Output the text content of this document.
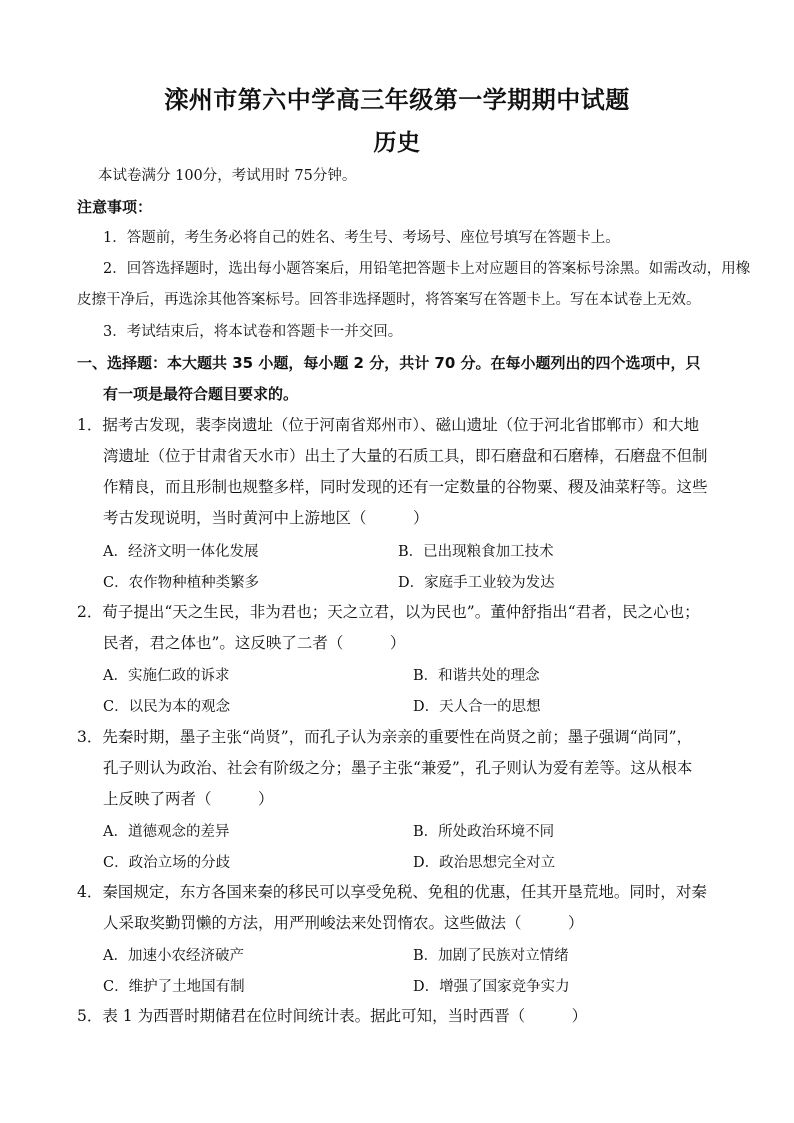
滦州市第六中学高三年级第一学期期中试题
历史
本试卷满分 100分，考试用时 75分钟。
注意事项：
1．答题前，考生务必将自己的姓名、考生号、考场号、座位号填写在答题卡上。
2．回答选择题时，选出每小题答案后，用铅笔把答题卡上对应题目的答案标号涂黑。如需改动，用橡
皮擦干净后，再选涂其他答案标号。回答非选择题时，将答案写在答题卡上。写在本试卷上无效。
3．考试结束后，将本试卷和答题卡一并交回。
一、选择题：本大题共 35 小题，每小题 2 分，共计 70 分。在每小题列出的四个选项中，只
有一项是最符合题目要求的。
1．据考古发现，裴李岗遗址（位于河南省郑州市）、磁山遗址（位于河北省邯郸市）和大地
湾遗址（位于甘肃省天水市）出土了大量的石质工具，即石磨盘和石磨棒，石磨盘不但制
作精良，而且形制也规整多样，同时发现的还有一定数量的谷物粟、稷及油菜籽等。这些
考古发现说明，当时黄河中上游地区（　　　）
A．经济文明一体化发展	B．已出现粮食加工技术
C．农作物种植种类繁多	D．家庭手工业较为发达
2．荀子提出“天之生民，非为君也；天之立君，以为民也”。董仲舒指出“君者，民之心也；
民者，君之体也”。这反映了二者（　　　）
A．实施仁政的诉求	B．和谐共处的理念
C．以民为本的观念	D．天人合一的思想
3．先秦时期，墨子主张“尚贤”，而孔子认为亲亲的重要性在尚贤之前；墨子强调“尚同”，
孔子则认为政治、社会有阶级之分；墨子主张“兼爱”，孔子则认为爱有差等。这从根本
上反映了两者（　　　）
A．道德观念的差异	B．所处政治环境不同
C．政治立场的分歧	D．政治思想完全对立
4．秦国规定，东方各国来秦的移民可以享受免税、免租的优惠，任其开垦荒地。同时，对秦
人采取奖勤罚懒的方法，用严刑峻法来处罚惰农。这些做法（　　　）
A．加速小农经济破产	B．加剧了民族对立情绪
C．维护了土地国有制	D．增强了国家竞争实力
5．表 1 为西晋时期储君在位时间统计表。据此可知，当时西晋（　　　）
